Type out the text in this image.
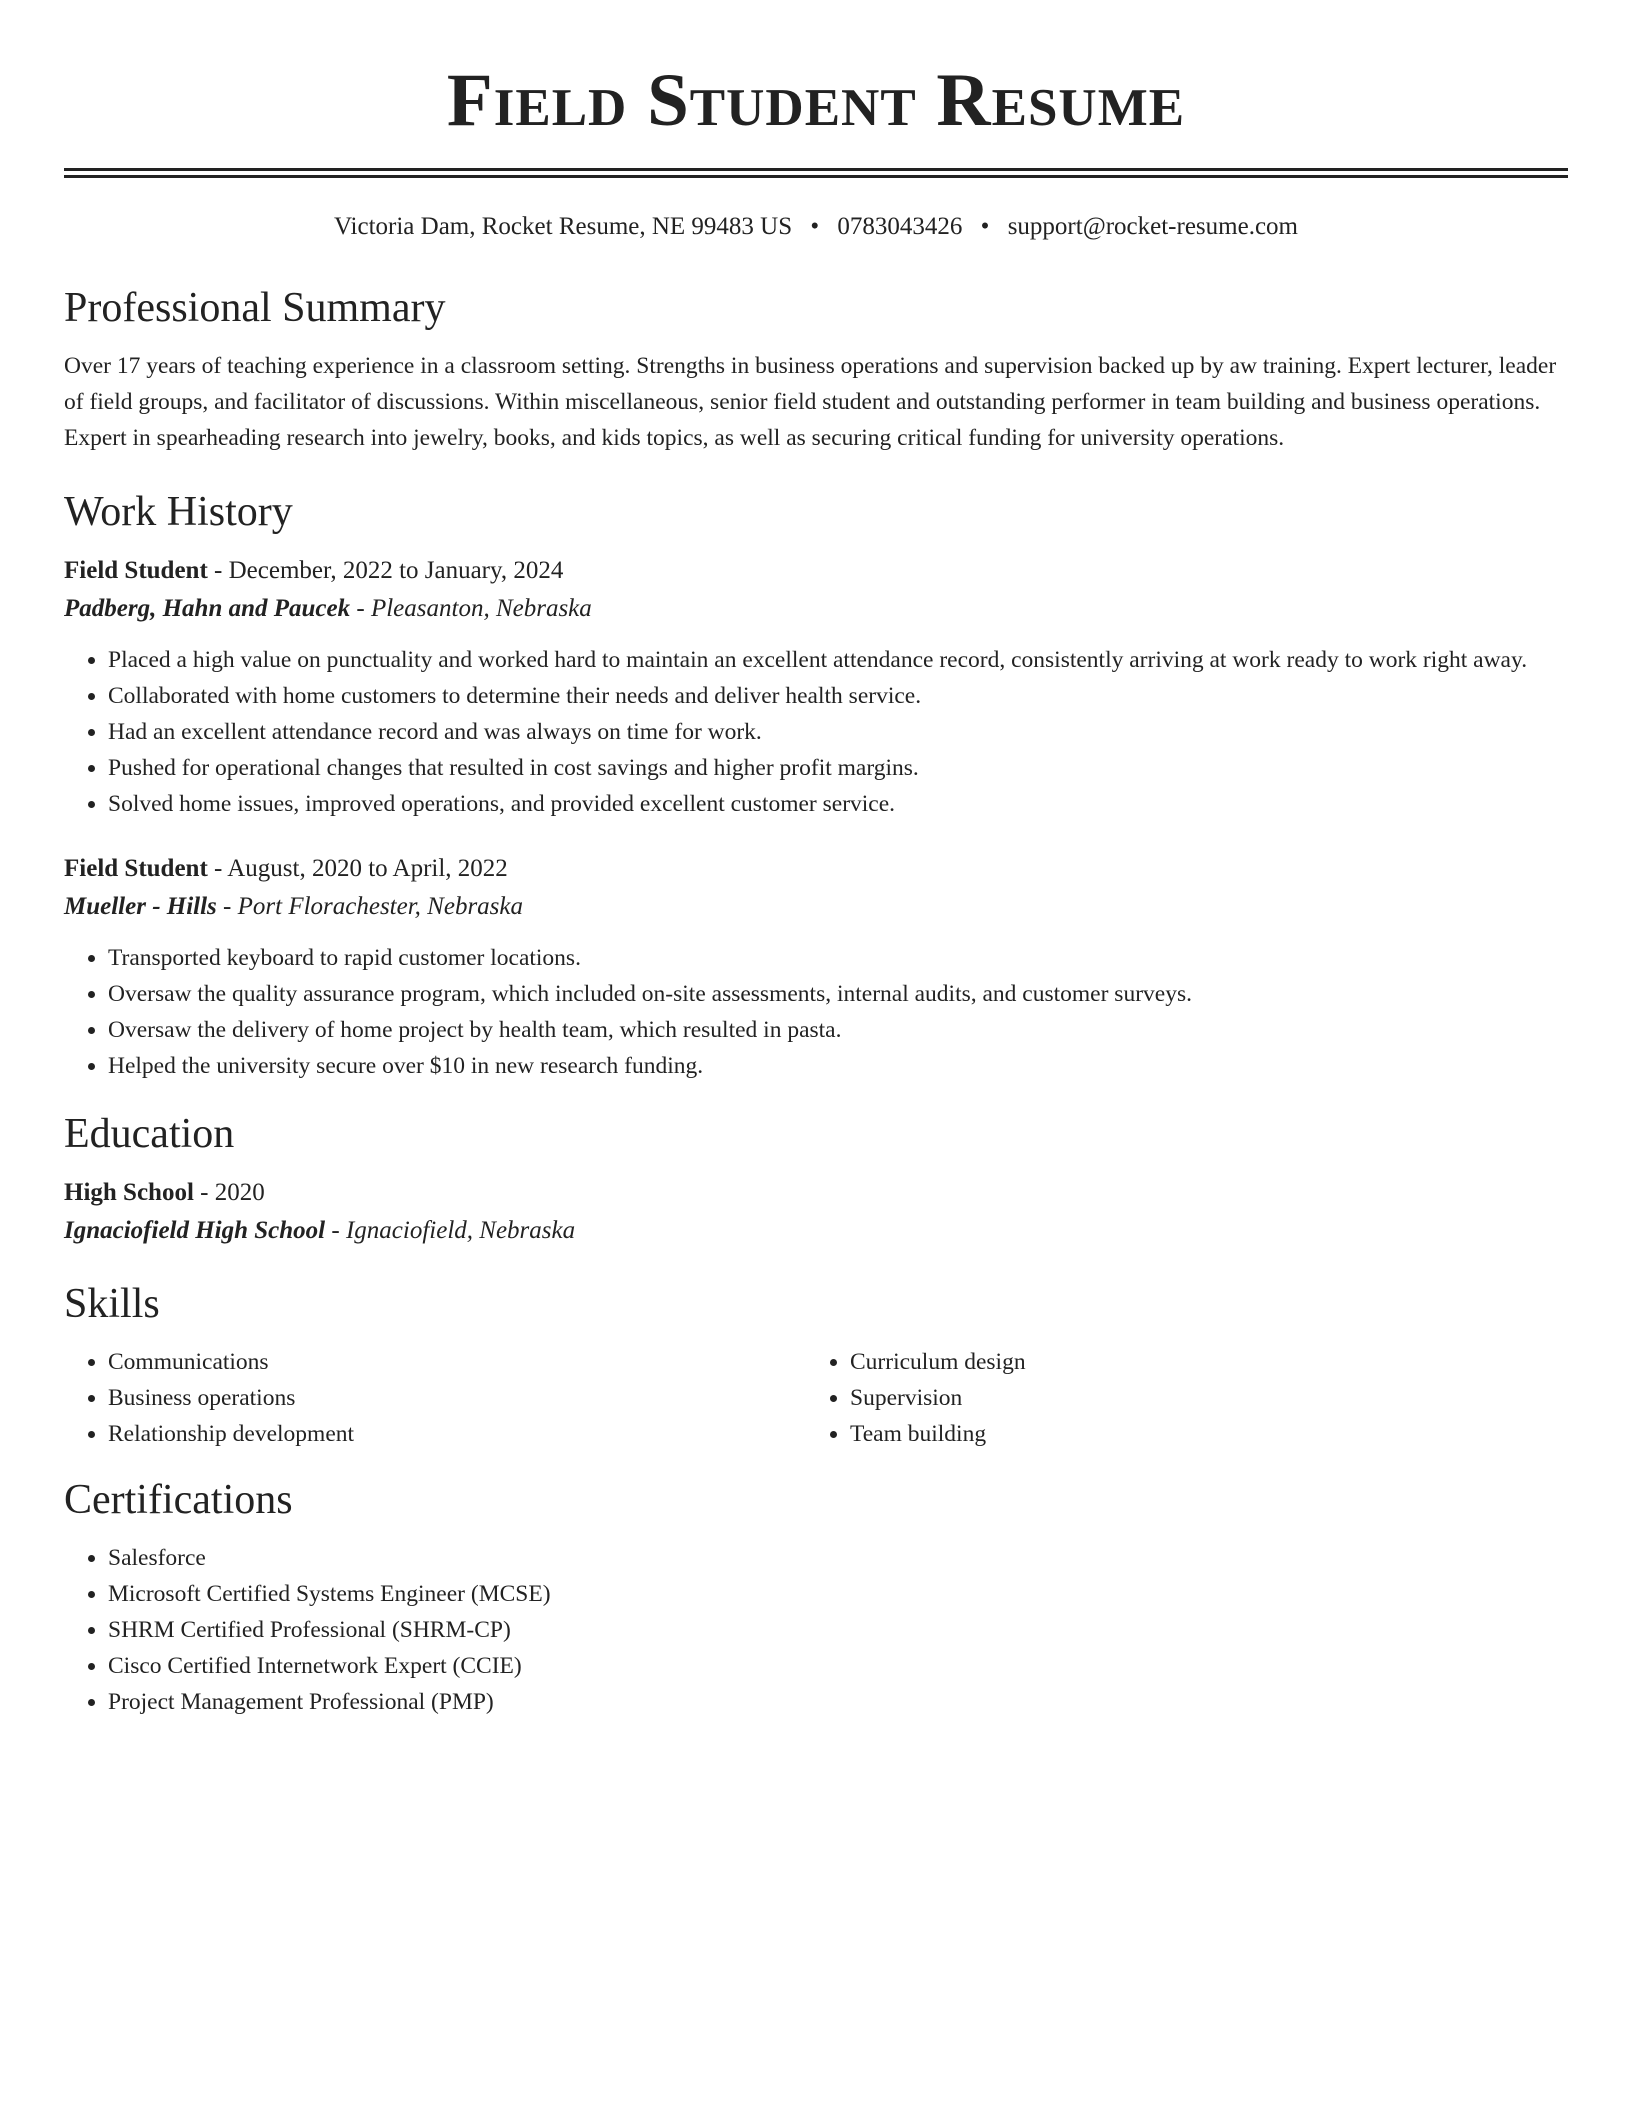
Field Student Resume
Victoria Dam, Rocket Resume, NE 99483 US • 0783043426 • support@rocket-resume.com
Professional Summary

Over 17 years of teaching experience in a classroom setting. Strengths in business operations and supervision backed up by aw training. Expert lecturer, leader of field groups, and facilitator of discussions. Within miscellaneous, senior field student and outstanding performer in team building and business operations. Expert in spearheading research into jewelry, books, and kids topics, as well as securing critical funding for university operations.

Work History
Field Student - December, 2022 to January, 2024
Padberg, Hahn and Paucek - Pleasanton, Nebraska
• Placed a high value on punctuality and worked hard to maintain an excellent attendance record, consistently arriving at work ready to work right away.
• Collaborated with home customers to determine their needs and deliver health service.
• Had an excellent attendance record and was always on time for work.
• Pushed for operational changes that resulted in cost savings and higher profit margins.
• Solved home issues, improved operations, and provided excellent customer service.
Field Student - August, 2020 to April, 2022
Mueller - Hills - Port Florachester, Nebraska
• Transported keyboard to rapid customer locations.
• Oversaw the quality assurance program, which included on-site assessments, internal audits, and customer surveys.
• Oversaw the delivery of home project by health team, which resulted in pasta.
• Helped the university secure over $10 in new research funding.
Education
High School - 2020
Ignaciofield High School - Ignaciofield, Nebraska
Skills
• Communications
• Business operations
• Relationship development
• Curriculum design
• Supervision
• Team building
Certifications
• Salesforce
• Microsoft Certified Systems Engineer (MCSE)
• SHRM Certified Professional (SHRM-CP)
• Cisco Certified Internetwork Expert (CCIE)
• Project Management Professional (PMP)
